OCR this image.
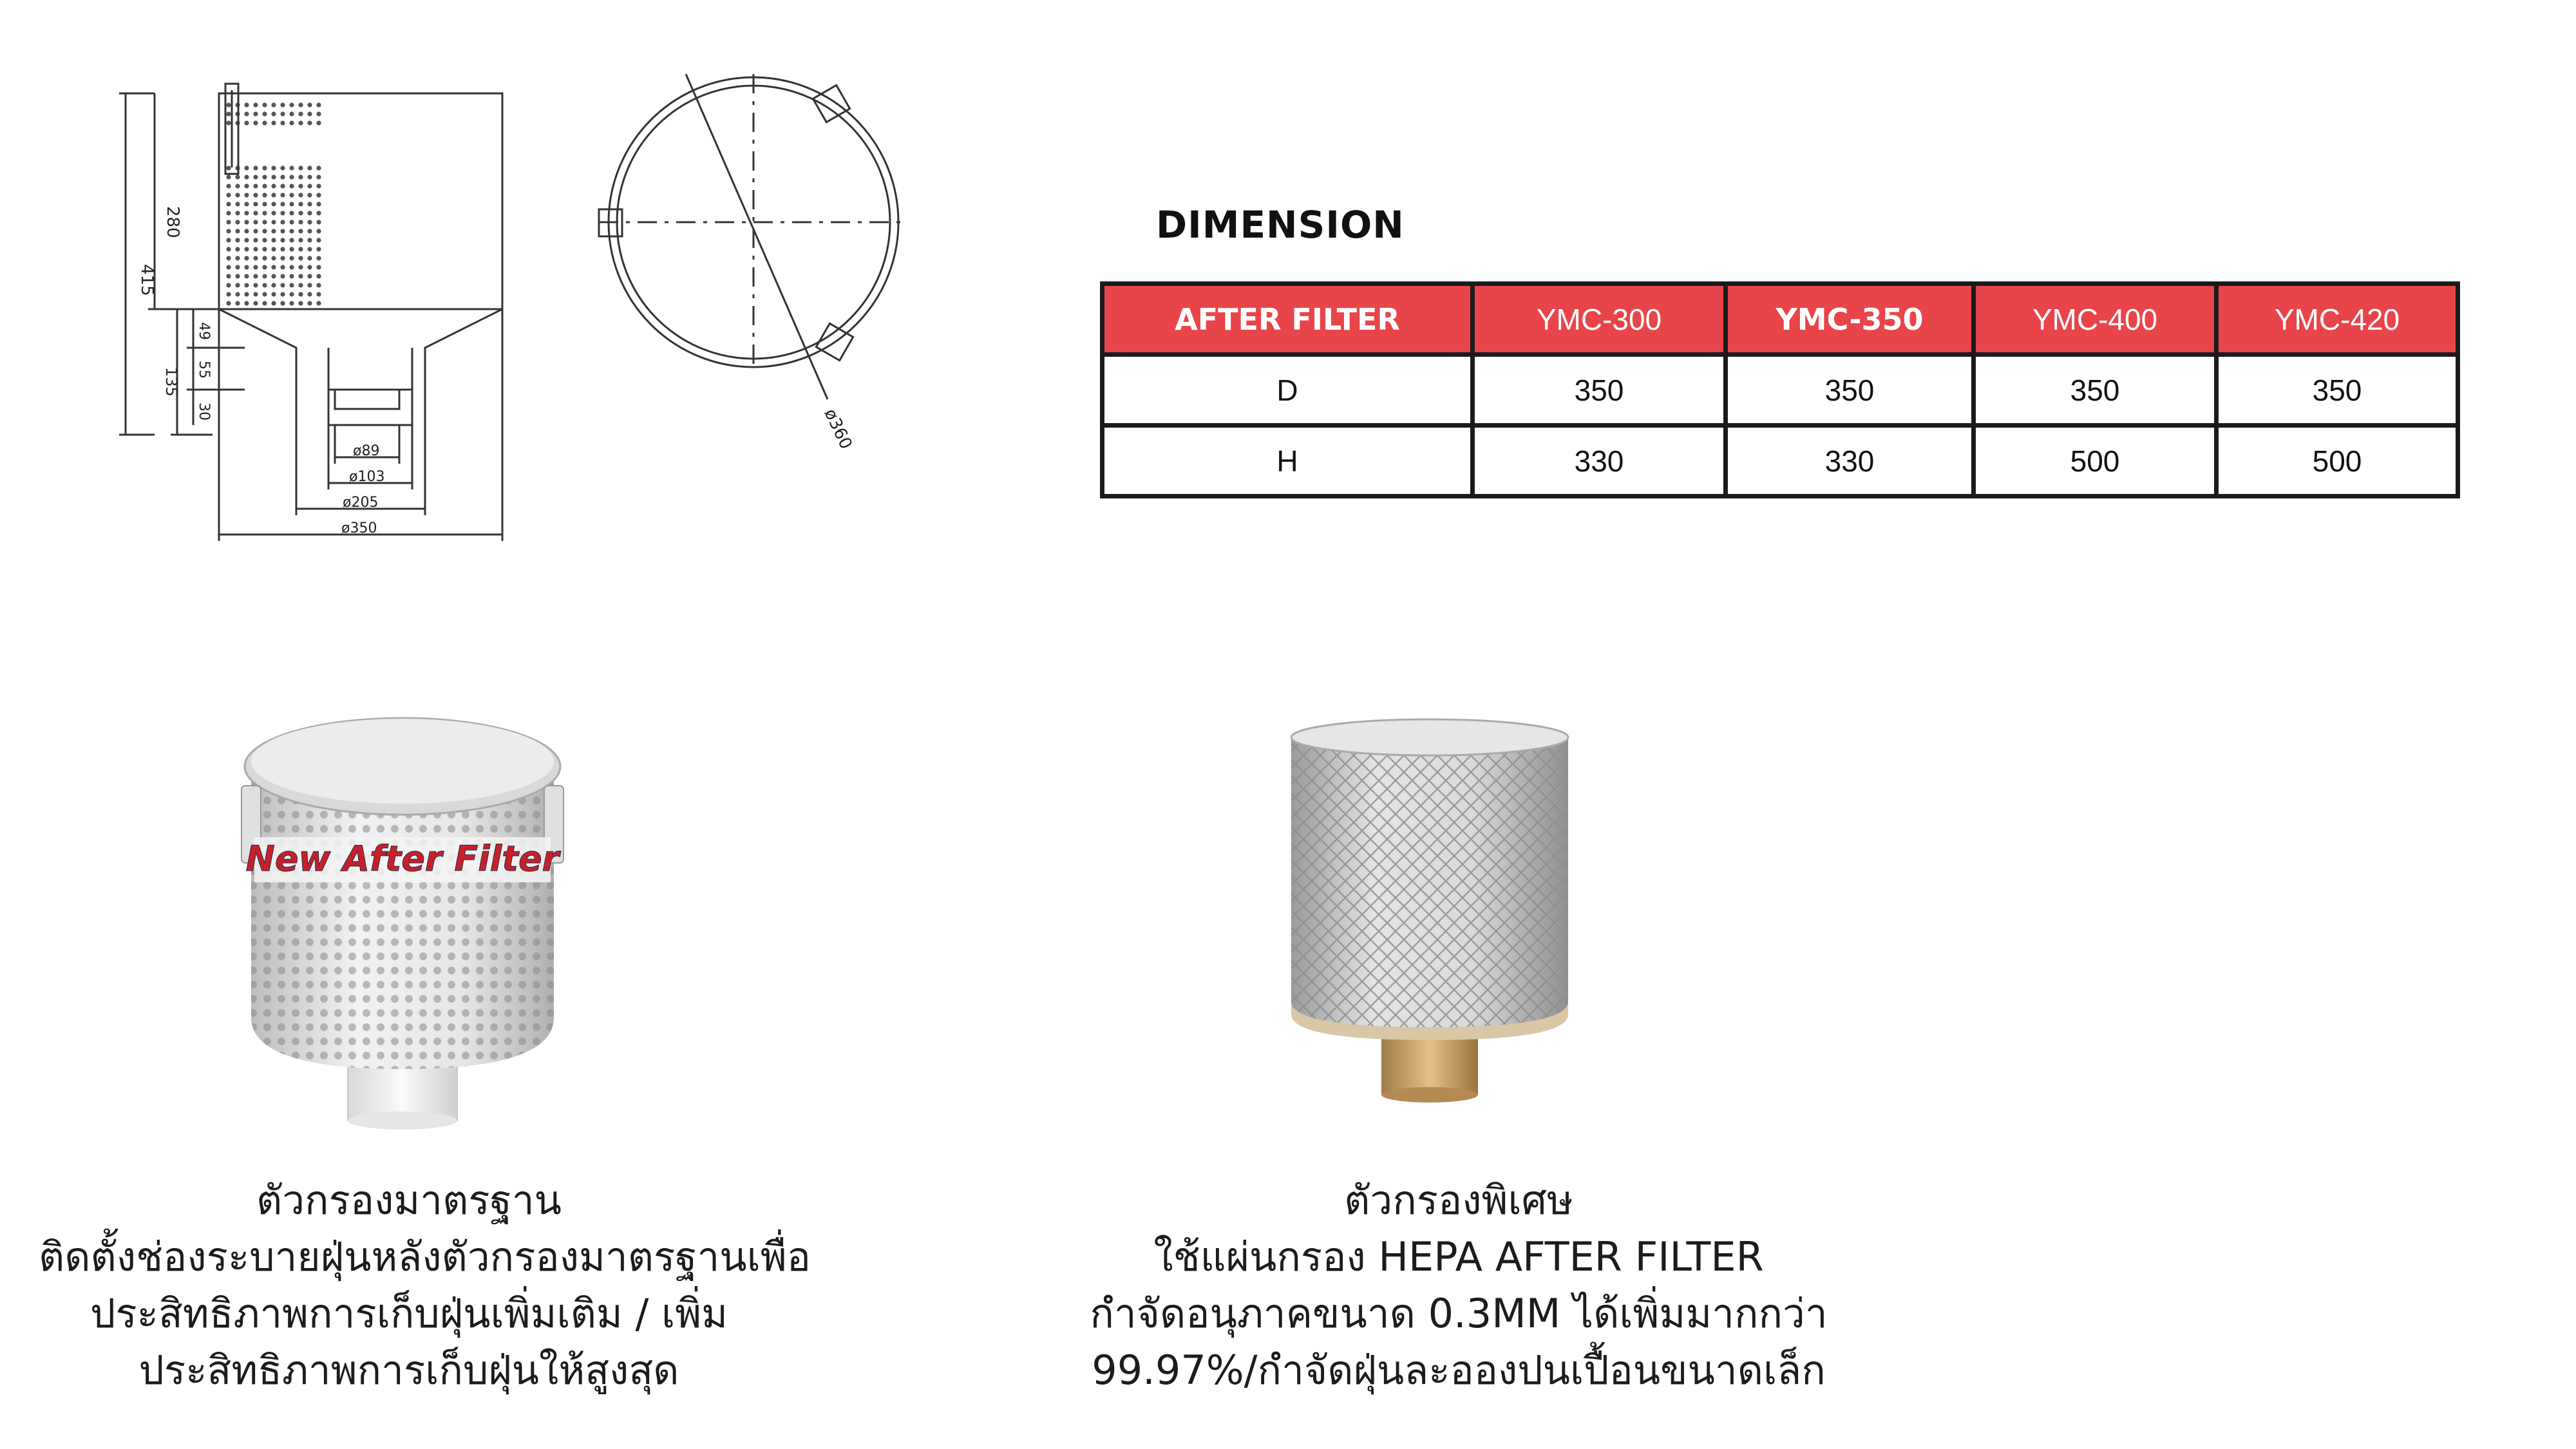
415
280
135
49
55
30
ø89
ø103
ø205
ø350
ø360
DIMENSION
AFTER FILTER	YMC-300	YMC-350	YMC-400	YMC-420
D	350	350	350	350
H	330	330	500	500
New After Filter
ตัวกรองมาตรฐาน
ติดตั้งช่องระบายฝุ่นหลังตัวกรองมาตรฐานเพื่อ
ประสิทธิภาพการเก็บฝุ่นเพิ่มเติม / เพิ่ม
ประสิทธิภาพการเก็บฝุ่นให้สูงสุด
ตัวกรองพิเศษ
ใช้แผ่นกรอง HEPA AFTER FILTER
กำจัดอนุภาคขนาด 0.3MM ได้เพิ่มมากกว่า
99.97%/กำจัดฝุ่นละอองปนเปื้อนขนาดเล็ก
